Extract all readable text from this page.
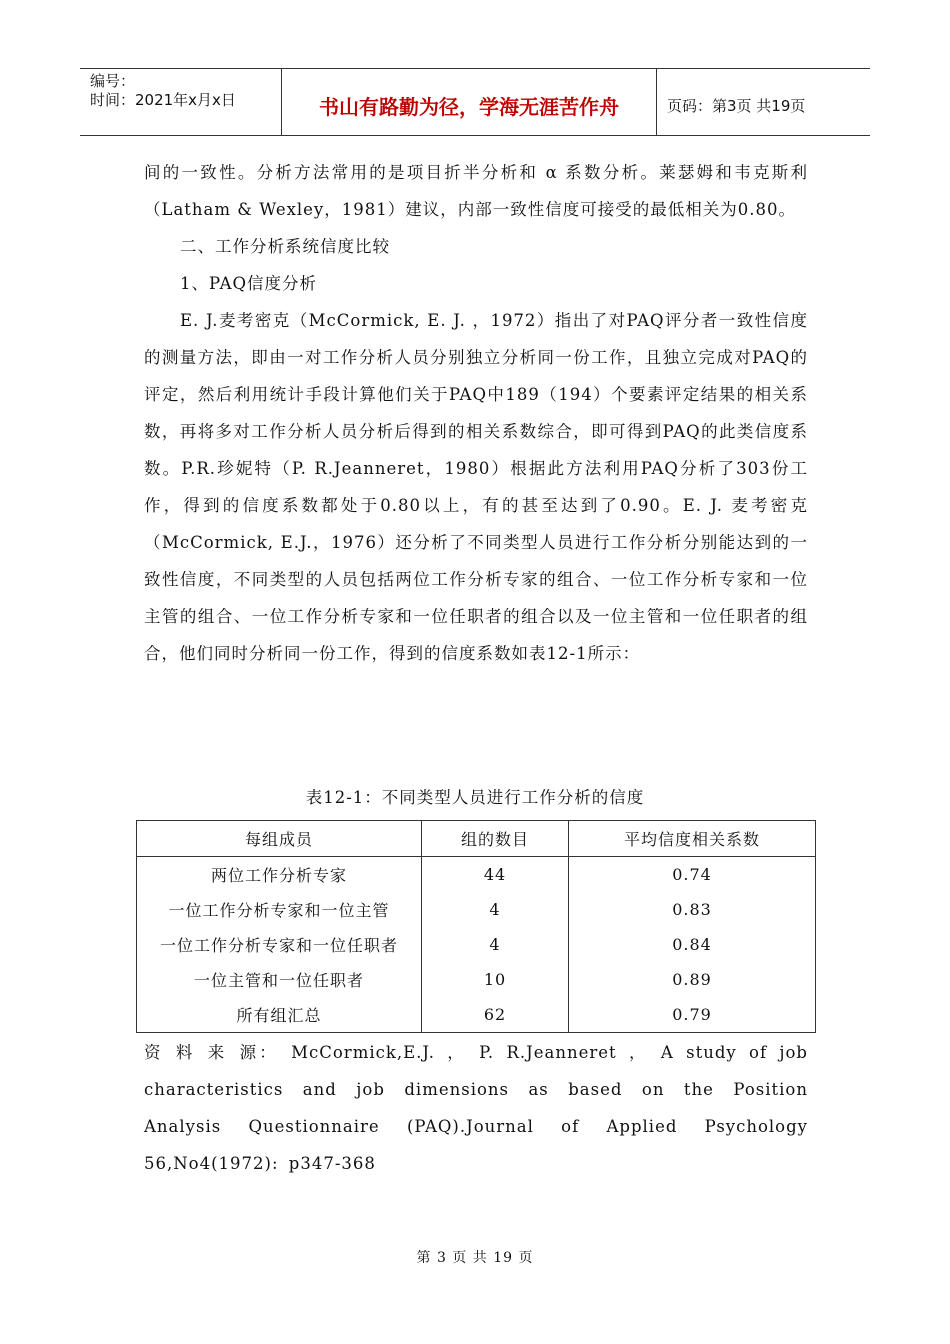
编号：
时间：2021年x月x日	书山有路勤为径，学海无涯苦作舟	页码：第3页 共19页

间的一致性。分析方法常用的是项目折半分析和 α 系数分析。莱瑟姆和韦克斯利（Latham & Wexley，1981）建议，内部一致性信度可接受的最低相关为0.80。

二、工作分析系统信度比较

1、PAQ信度分析

E. J.麦考密克（McCormick, E. J. ，1972）指出了对PAQ评分者一致性信度的测量方法，即由一对工作分析人员分别独立分析同一份工作，且独立完成对PAQ的评定，然后利用统计手段计算他们关于PAQ中189（194）个要素评定结果的相关系数，再将多对工作分析人员分析后得到的相关系数综合，即可得到PAQ的此类信度系数。P.R.珍妮特（P. R.Jeanneret，1980）根据此方法利用PAQ分析了303份工作，得到的信度系数都处于0.80以上，有的甚至达到了0.90。E. J. 麦考密克（McCormick, E.J.，1976）还分析了不同类型人员进行工作分析分别能达到的一致性信度，不同类型的人员包括两位工作分析专家的组合、一位工作分析专家和一位主管的组合、一位工作分析专家和一位任职者的组合以及一位主管和一位任职者的组合，他们同时分析同一份工作，得到的信度系数如表12-1所示：

表12-1：不同类型人员进行工作分析的信度
每组成员	组的数目	平均信度相关系数
两位工作分析专家	44	0.74
一位工作分析专家和一位主管	4	0.83
一位工作分析专家和一位任职者	4	0.84
一位主管和一位任职者	10	0.89
所有组汇总	62	0.79

资 料 来 源： McCormick,E.J. ， P. R.Jeanneret ， A study of job characteristics and job dimensions as based on the Position Analysis Questionnaire (PAQ).Journal of Applied Psychology 56,No4(1972): p347-368

第 3 页 共 19 页
